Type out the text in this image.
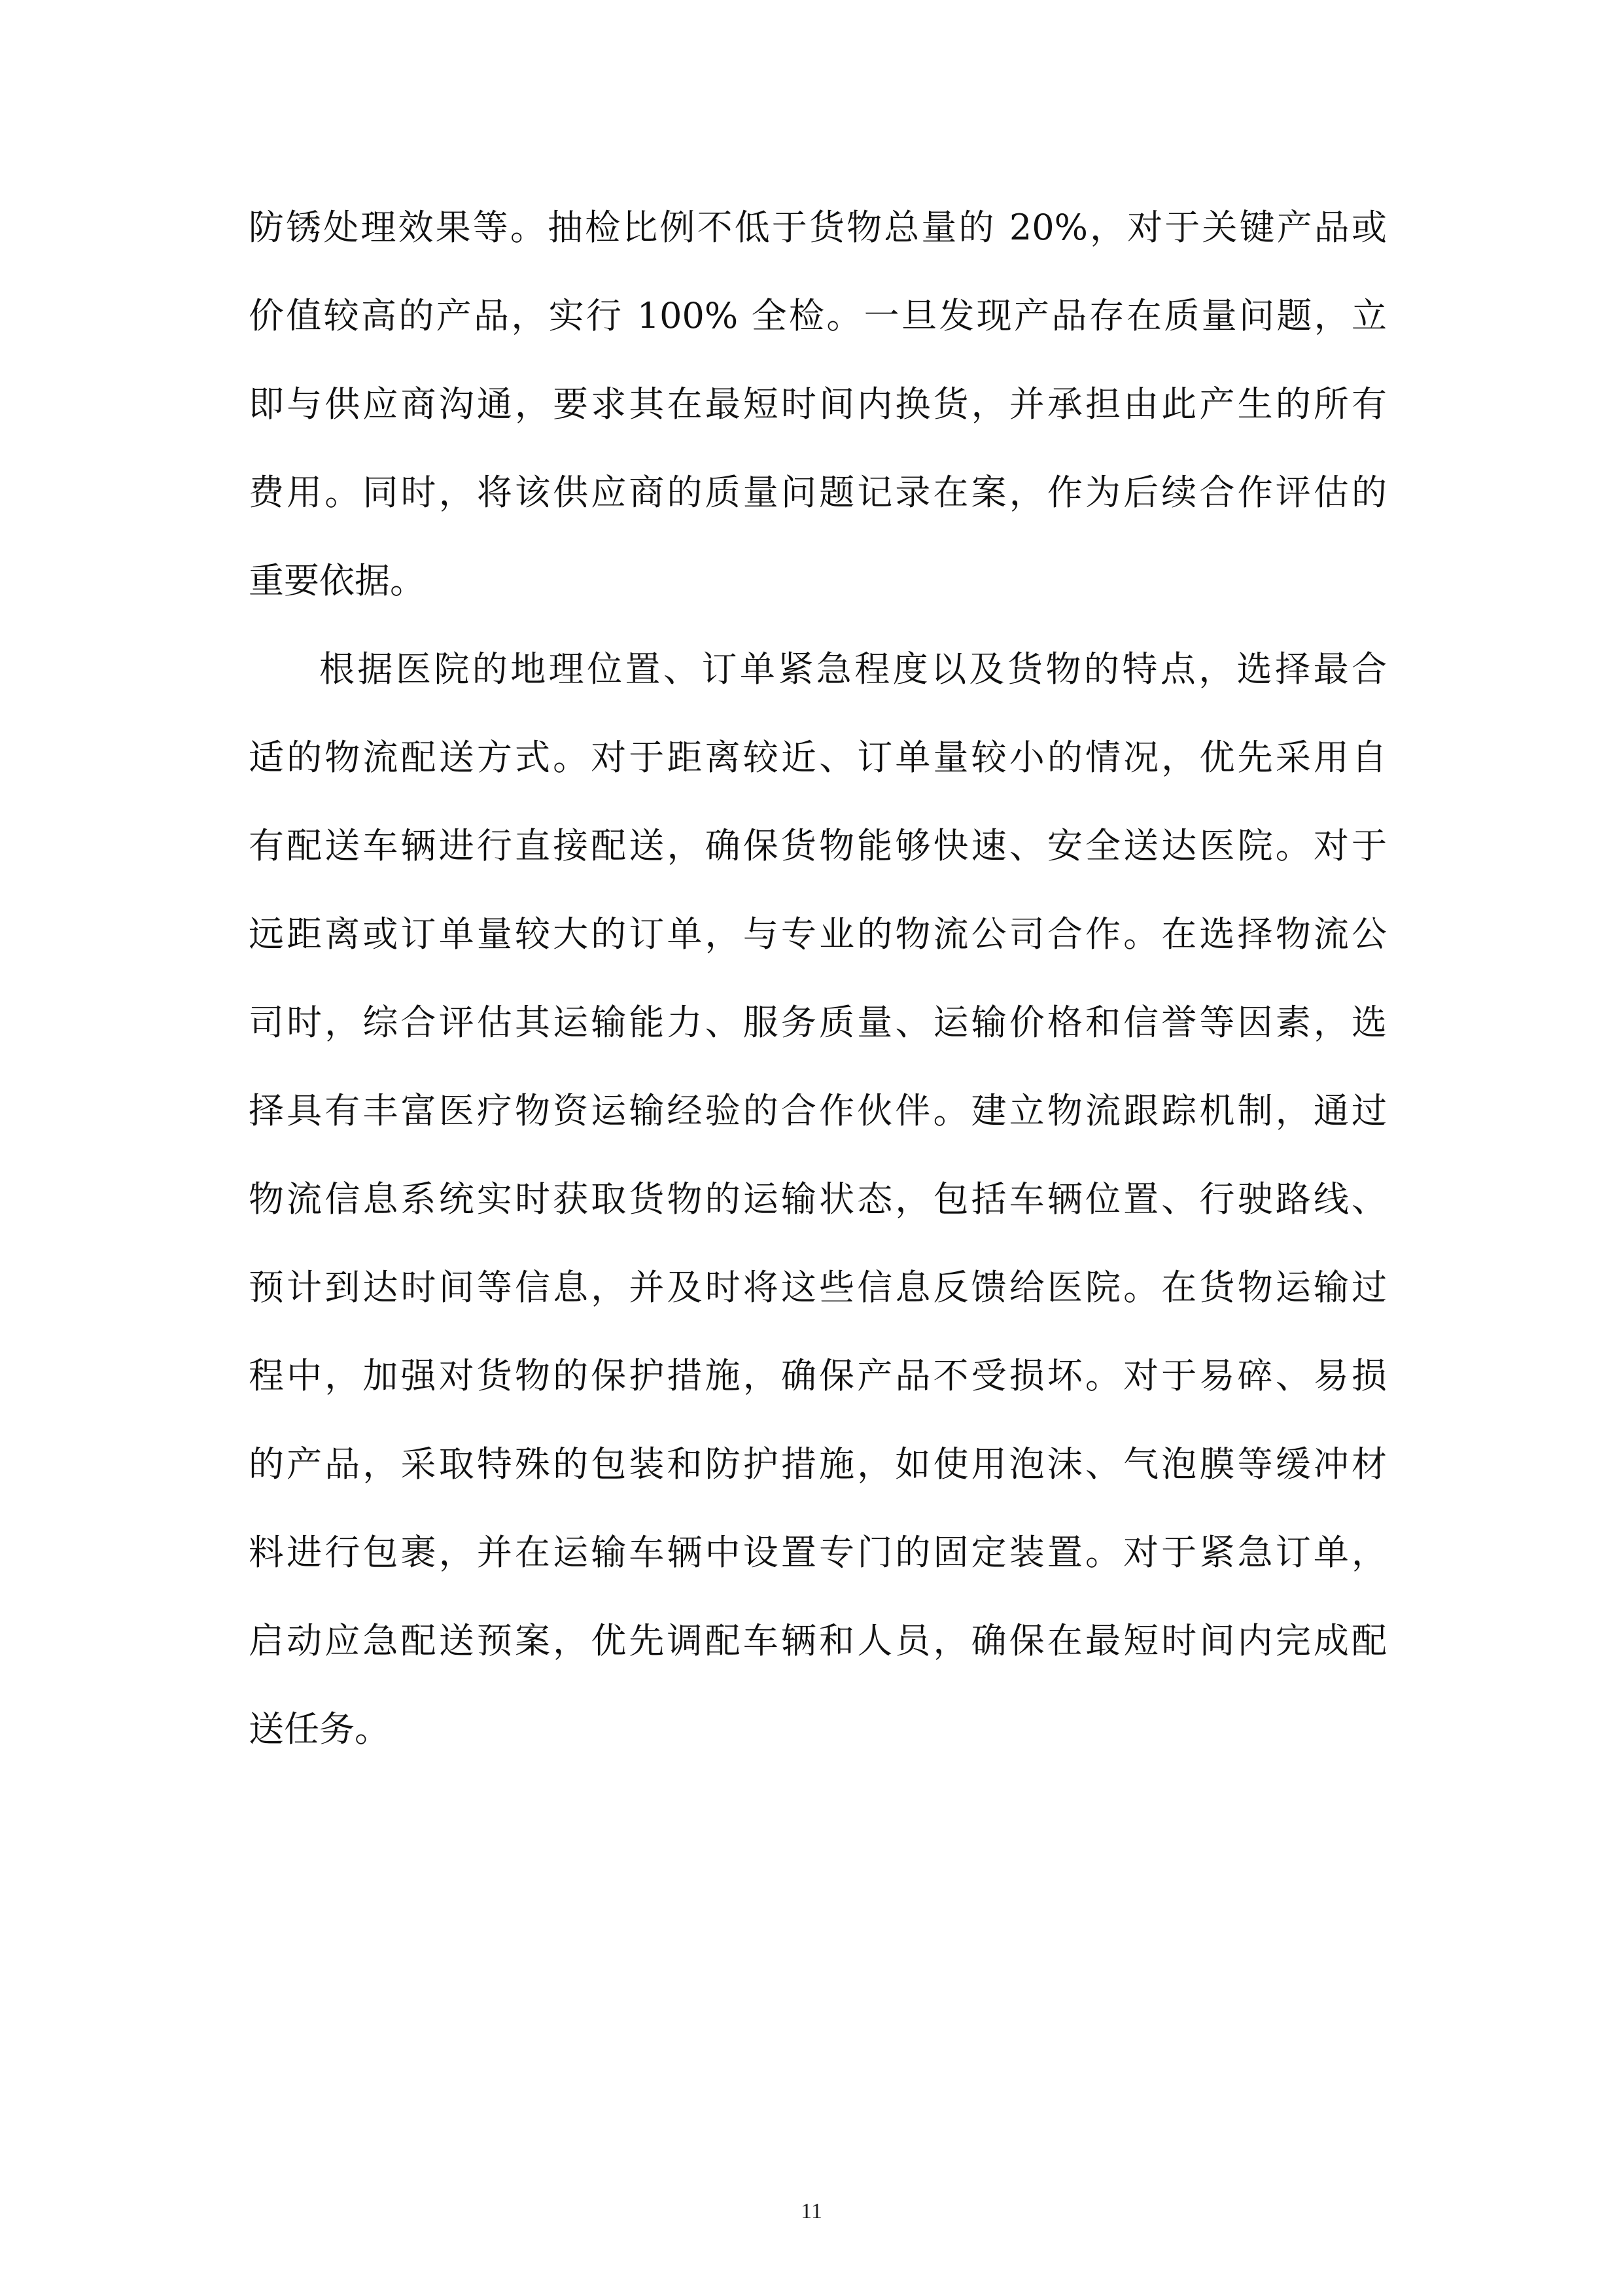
防锈处理效果等。抽检比例不低于货物总量的 20%，对于关键产品或
价值较高的产品，实行 100% 全检。一旦发现产品存在质量问题，立
即与供应商沟通，要求其在最短时间内换货，并承担由此产生的所有
费用。同时，将该供应商的质量问题记录在案，作为后续合作评估的
重要依据。
根据医院的地理位置、订单紧急程度以及货物的特点，选择最合
适的物流配送方式。对于距离较近、订单量较小的情况，优先采用自
有配送车辆进行直接配送，确保货物能够快速、安全送达医院。对于
远距离或订单量较大的订单，与专业的物流公司合作。在选择物流公
司时，综合评估其运输能力、服务质量、运输价格和信誉等因素，选
择具有丰富医疗物资运输经验的合作伙伴。建立物流跟踪机制，通过
物流信息系统实时获取货物的运输状态，包括车辆位置、行驶路线、
预计到达时间等信息，并及时将这些信息反馈给医院。在货物运输过
程中，加强对货物的保护措施，确保产品不受损坏。对于易碎、易损
的产品，采取特殊的包装和防护措施，如使用泡沫、气泡膜等缓冲材
料进行包裹，并在运输车辆中设置专门的固定装置。对于紧急订单，
启动应急配送预案，优先调配车辆和人员，确保在最短时间内完成配
送任务。
11
